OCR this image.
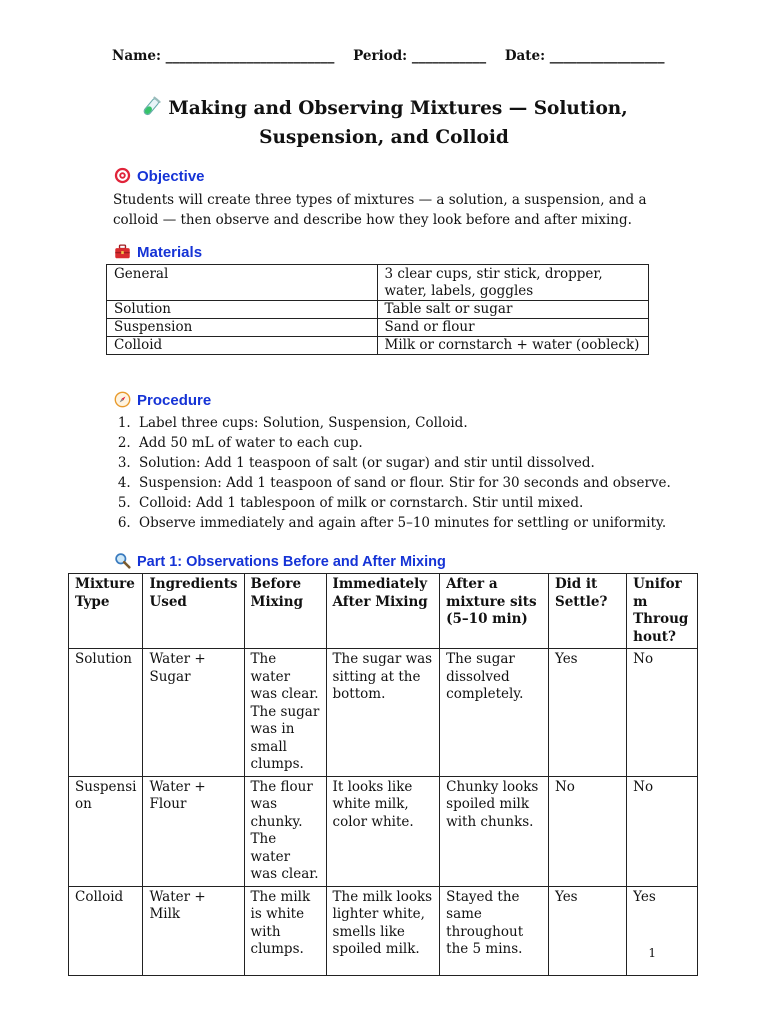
Name: _________________________ Period: ___________ Date: _________________
Making and Observing Mixtures — Solution,
Suspension, and Colloid
Objective
Students will create three types of mixtures — a solution, a suspension, and a colloid — then observe and describe how they look before and after mixing.
Materials
General	3 clear cups, stir stick, dropper, water, labels, goggles
Solution	Table salt or sugar
Suspension	Sand or flour
Colloid	Milk or cornstarch + water (oobleck)
Procedure
1. Label three cups: Solution, Suspension, Colloid.
2. Add 50 mL of water to each cup.
3. Solution: Add 1 teaspoon of salt (or sugar) and stir until dissolved.
4. Suspension: Add 1 teaspoon of sand or flour. Stir for 30 seconds and observe.
5. Colloid: Add 1 tablespoon of milk or cornstarch. Stir until mixed.
6. Observe immediately and again after 5–10 minutes for settling or uniformity.
Part 1: Observations Before and After Mixing
Mixture Type	Ingredients Used	Before Mixing	Immediately After Mixing	After a mixture sits (5–10 min)	Did it Settle?	Unifor m Throug hout?
Solution	Water + Sugar	The water was clear. The sugar was in small clumps.	The sugar was sitting at the bottom.	The sugar dissolved completely.	Yes	No
Suspensi on	Water + Flour	The flour was chunky. The water was clear.	It looks like white milk, color white.	Chunky looks spoiled milk with chunks.	No	No
Colloid	Water + Milk	The milk is white with clumps.	The milk looks lighter white, smells like spoiled milk.	Stayed the same throughout the 5 mins.	Yes	Yes
1
